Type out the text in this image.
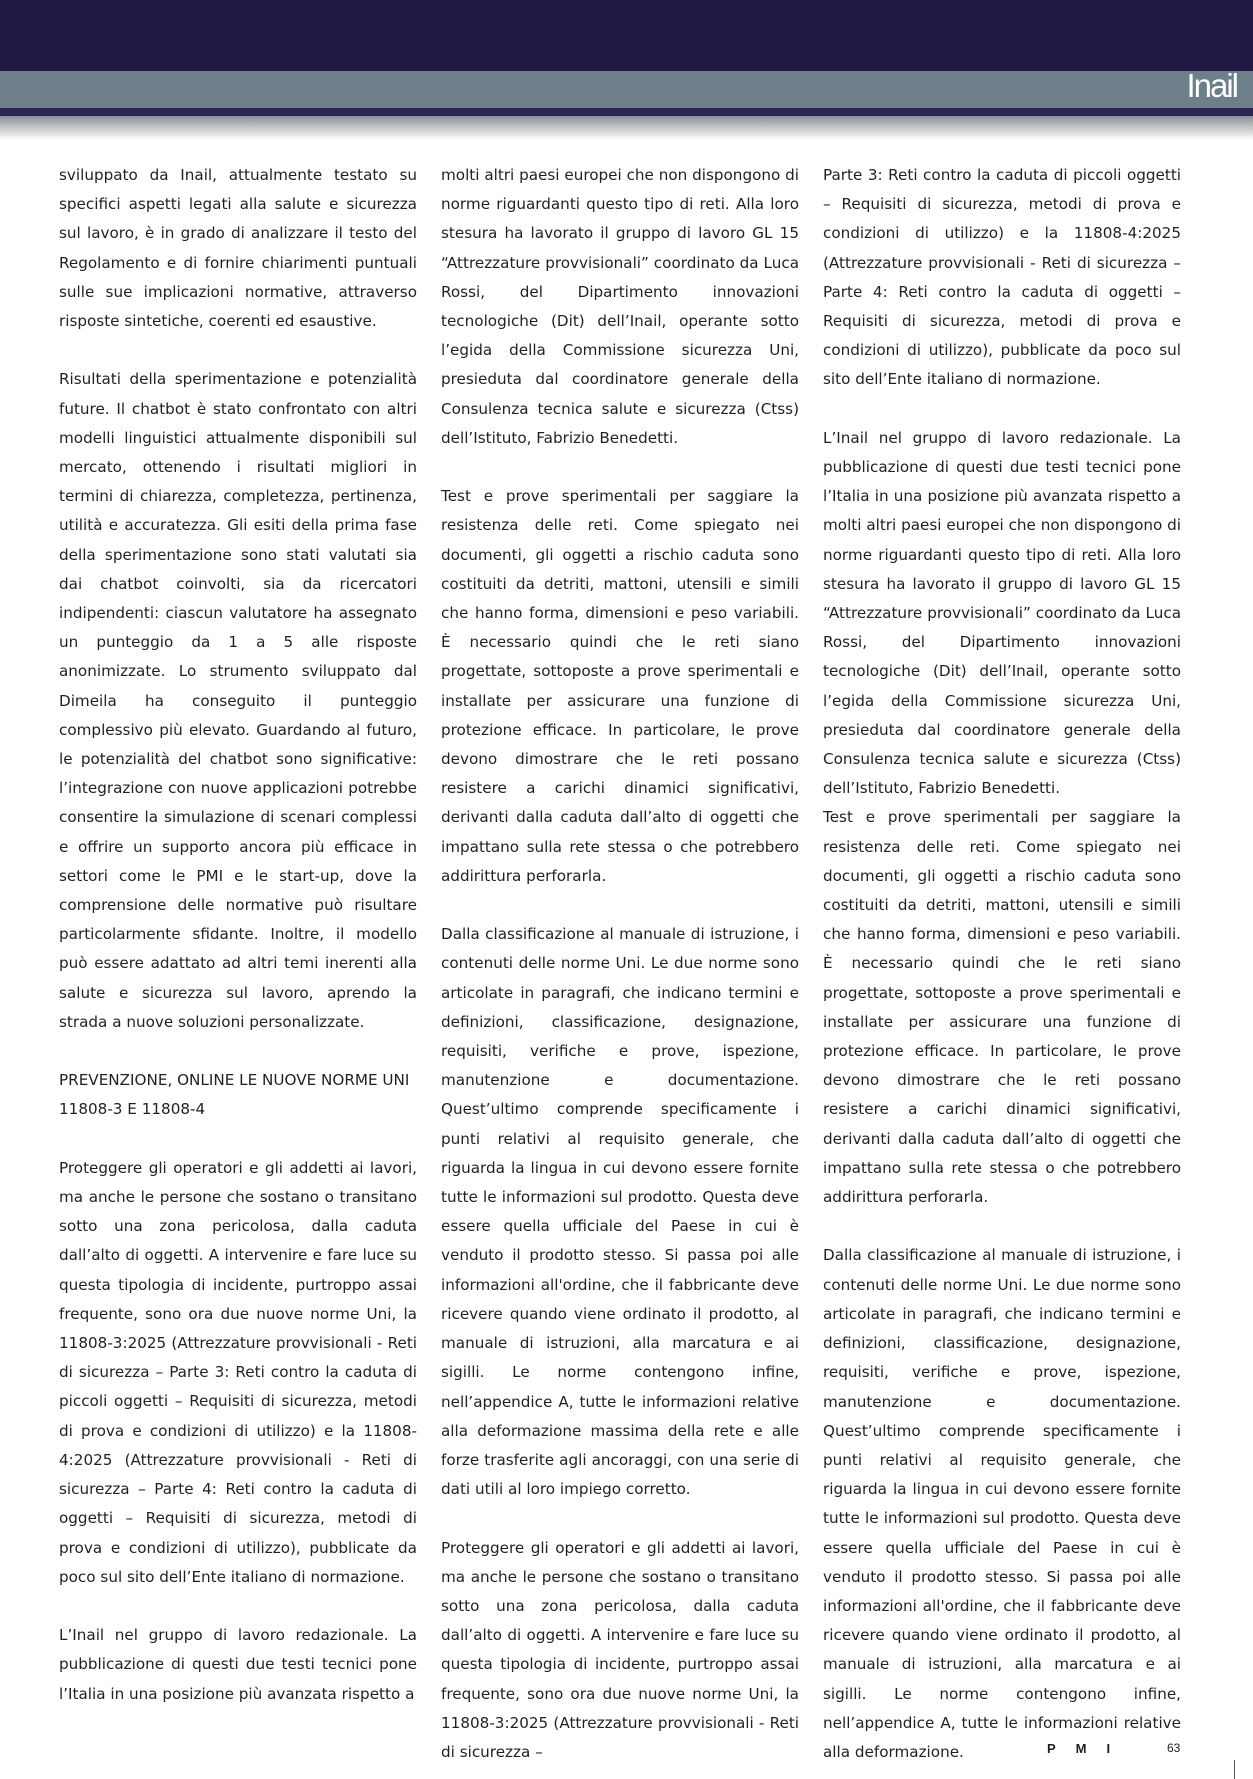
Inail

sviluppato da Inail, attualmente testato su specifici aspetti legati alla salute e sicurezza sul lavoro, è in grado di analizzare il testo del Regolamento e di fornire chiarimenti puntuali sulle sue implicazioni normative, attraverso risposte sintetiche, coerenti ed esaustive.

Risultati della sperimentazione e potenzialità future. Il chatbot è stato confrontato con altri modelli linguistici attualmente disponibili sul mercato, ottenendo i risultati migliori in termini di chiarezza, completezza, pertinenza, utilità e accuratezza. Gli esiti della prima fase della sperimentazione sono stati valutati sia dai chatbot coinvolti, sia da ricercatori indipendenti: ciascun valutatore ha assegnato un punteggio da 1 a 5 alle risposte anonimizzate. Lo strumento sviluppato dal Dimeila ha conseguito il punteggio complessivo più elevato. Guardando al futuro, le potenzialità del chatbot sono significative: l’integrazione con nuove applicazioni potrebbe consentire la simulazione di scenari complessi e offrire un supporto ancora più efficace in settori come le PMI e le start-up, dove la comprensione delle normative può risultare particolarmente sfidante. Inoltre, il modello può essere adattato ad altri temi inerenti alla salute e sicurezza sul lavoro, aprendo la strada a nuove soluzioni personalizzate.

PREVENZIONE, ONLINE LE NUOVE NORME UNI 11808-3 E 11808-4

Proteggere gli operatori e gli addetti ai lavori, ma anche le persone che sostano o transitano sotto una zona pericolosa, dalla caduta dall’alto di oggetti. A intervenire e fare luce su questa tipologia di incidente, purtroppo assai frequente, sono ora due nuove norme Uni, la 11808-3:2025 (Attrezzature provvisionali - Reti di sicurezza – Parte 3: Reti contro la caduta di piccoli oggetti – Requisiti di sicurezza, metodi di prova e condizioni di utilizzo) e la 11808-4:2025 (Attrezzature provvisionali - Reti di sicurezza – Parte 4: Reti contro la caduta di oggetti – Requisiti di sicurezza, metodi di prova e condizioni di utilizzo), pubblicate da poco sul sito dell’Ente italiano di normazione.

L’Inail nel gruppo di lavoro redazionale. La pubblicazione di questi due testi tecnici pone l’Italia in una posizione più avanzata rispetto a

molti altri paesi europei che non dispongono di norme riguardanti questo tipo di reti. Alla loro stesura ha lavorato il gruppo di lavoro GL 15 “Attrezzature provvisionali” coordinato da Luca Rossi, del Dipartimento innovazioni tecnologiche (Dit) dell’Inail, operante sotto l’egida della Commissione sicurezza Uni, presieduta dal coordinatore generale della Consulenza tecnica salute e sicurezza (Ctss) dell’Istituto, Fabrizio Benedetti.

Test e prove sperimentali per saggiare la resistenza delle reti. Come spiegato nei documenti, gli oggetti a rischio caduta sono costituiti da detriti, mattoni, utensili e simili che hanno forma, dimensioni e peso variabili. È necessario quindi che le reti siano progettate, sottoposte a prove sperimentali e installate per assicurare una funzione di protezione efficace. In particolare, le prove devono dimostrare che le reti possano resistere a carichi dinamici significativi, derivanti dalla caduta dall’alto di oggetti che impattano sulla rete stessa o che potrebbero addirittura perforarla.

Dalla classificazione al manuale di istruzione, i contenuti delle norme Uni. Le due norme sono articolate in paragrafi, che indicano termini e definizioni, classificazione, designazione, requisiti, verifiche e prove, ispezione, manutenzione e documentazione. Quest’ultimo comprende specificamente i punti relativi al requisito generale, che riguarda la lingua in cui devono essere fornite tutte le informazioni sul prodotto. Questa deve essere quella ufficiale del Paese in cui è venduto il prodotto stesso. Si passa poi alle informazioni all'ordine, che il fabbricante deve ricevere quando viene ordinato il prodotto, al manuale di istruzioni, alla marcatura e ai sigilli. Le norme contengono infine, nell’appendice A, tutte le informazioni relative alla deformazione massima della rete e alle forze trasferite agli ancoraggi, con una serie di dati utili al loro impiego corretto.

Proteggere gli operatori e gli addetti ai lavori, ma anche le persone che sostano o transitano sotto una zona pericolosa, dalla caduta dall’alto di oggetti. A intervenire e fare luce su questa tipologia di incidente, purtroppo assai frequente, sono ora due nuove norme Uni, la 11808-3:2025 (Attrezzature provvisionali - Reti di sicurezza –

Parte 3: Reti contro la caduta di piccoli oggetti – Requisiti di sicurezza, metodi di prova e condizioni di utilizzo) e la 11808-4:2025 (Attrezzature provvisionali - Reti di sicurezza – Parte 4: Reti contro la caduta di oggetti – Requisiti di sicurezza, metodi di prova e condizioni di utilizzo), pubblicate da poco sul sito dell’Ente italiano di normazione.

L’Inail nel gruppo di lavoro redazionale. La pubblicazione di questi due testi tecnici pone l’Italia in una posizione più avanzata rispetto a molti altri paesi europei che non dispongono di norme riguardanti questo tipo di reti. Alla loro stesura ha lavorato il gruppo di lavoro GL 15 “Attrezzature provvisionali” coordinato da Luca Rossi, del Dipartimento innovazioni tecnologiche (Dit) dell’Inail, operante sotto l’egida della Commissione sicurezza Uni, presieduta dal coordinatore generale della Consulenza tecnica salute e sicurezza (Ctss) dell’Istituto, Fabrizio Benedetti.

Test e prove sperimentali per saggiare la resistenza delle reti. Come spiegato nei documenti, gli oggetti a rischio caduta sono costituiti da detriti, mattoni, utensili e simili che hanno forma, dimensioni e peso variabili. È necessario quindi che le reti siano progettate, sottoposte a prove sperimentali e installate per assicurare una funzione di protezione efficace. In particolare, le prove devono dimostrare che le reti possano resistere a carichi dinamici significativi, derivanti dalla caduta dall’alto di oggetti che impattano sulla rete stessa o che potrebbero addirittura perforarla.

Dalla classificazione al manuale di istruzione, i contenuti delle norme Uni. Le due norme sono articolate in paragrafi, che indicano termini e definizioni, classificazione, designazione, requisiti, verifiche e prove, ispezione, manutenzione e documentazione. Quest’ultimo comprende specificamente i punti relativi al requisito generale, che riguarda la lingua in cui devono essere fornite tutte le informazioni sul prodotto. Questa deve essere quella ufficiale del Paese in cui è venduto il prodotto stesso. Si passa poi alle informazioni all'ordine, che il fabbricante deve ricevere quando viene ordinato il prodotto, al manuale di istruzioni, alla marcatura e ai sigilli. Le norme contengono infine, nell’appendice A, tutte le informazioni relative alla deformazione.	PMI	63
